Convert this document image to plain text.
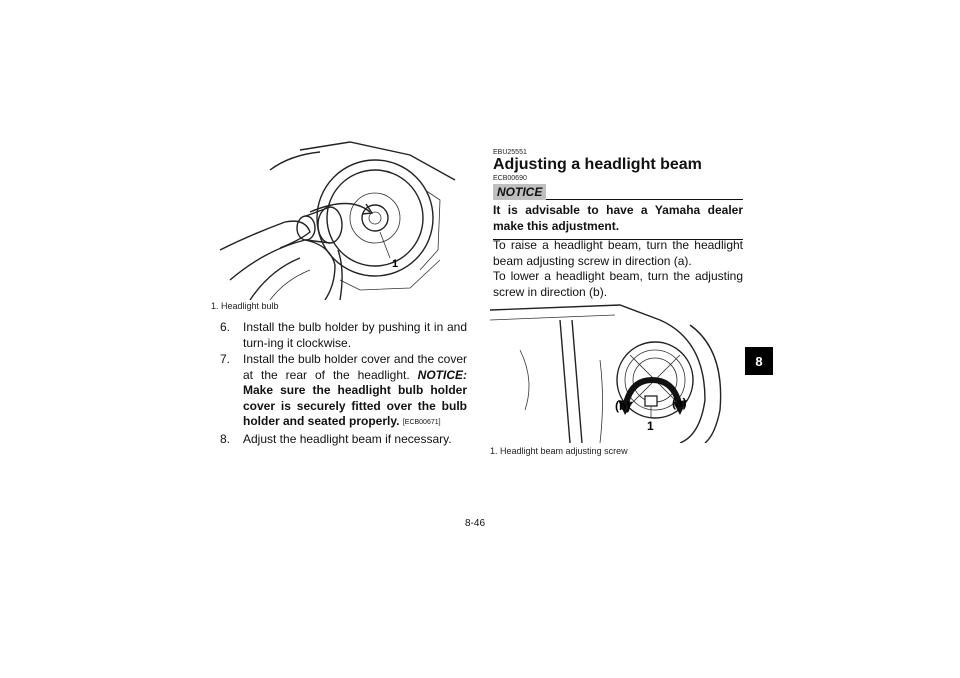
1
1. Headlight bulb
6.	Install the bulb holder by pushing it in and turn-ing it clockwise.
7.	Install the bulb holder cover and the cover at the rear of the headlight. NOTICE: Make sure the headlight bulb holder cover is securely fitted over the bulb holder and seated properly. [ECB00671]
8.	Adjust the headlight beam if necessary.
EBU25551
Adjusting a headlight beam
ECB00690
NOTICE
It is advisable to have a Yamaha dealer make this adjustment.

To raise a headlight beam, turn the headlight beam adjusting screw in direction (a).

To lower a headlight beam, turn the adjusting screw in direction (b).

(b)	(a)
1
1. Headlight beam adjusting screw
8
8-46
